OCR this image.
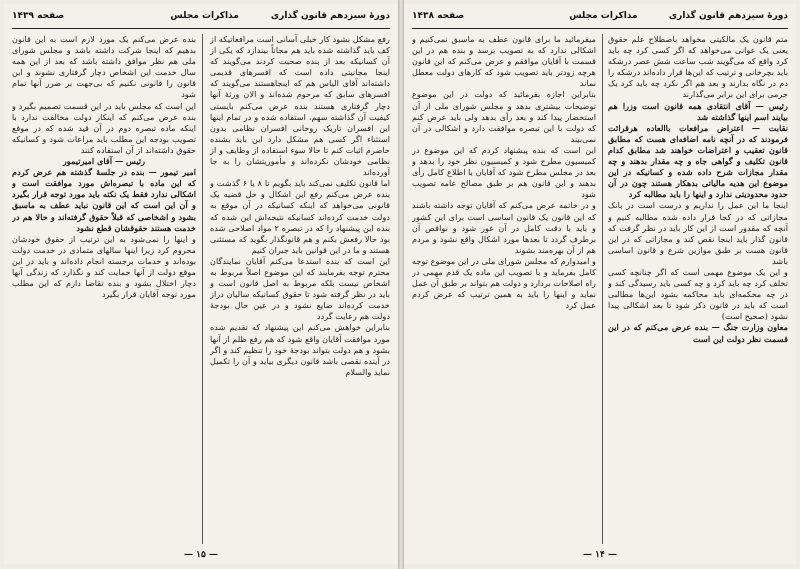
دورهٔ سیزدهم قانون گذاری
مذاکرات مجلس
صفحه ۱۴۳۹

رفع مشکل بشود کار خیلی آسانی است مرافعاتیکه از کف باید گذاشته شده باید هم مجاناً بیندازد که یکی از آن کسانیکه بعد از بنده صحبت کردند می‌گویند که اینجا مجانیتی داده است که افسرهای قدیمی داشته‌اند آقای الیاس هم که اینجاهستند می‌گویند که افسرهای سابق که مرحوم شده‌اند و الان ورثهٔ آنها دچار گرفتاری هستند بنده عرض می‌کنم بایستی کیفیت آن گذاشته سهم، استفاده شده و در تمام اینها این افسران تاریک روحانی افسران نظامی بدون استثناء اگر کسی هم مشکل دارد این باید بشنده حاضرم اثبات کنم تا حالا سوء استفاده از وظایف و از نظامی خودشان نکرده‌اند و مأموریتشان را به جا آورده‌اند

اما قانون تکلیف نمی‌کند باید بگویم تا ۸ یا ۶ گذشت و بنده عرض می‌کنم رفع این اشکال و حل قضیه یک قانونی می‌خواهد که اینکه کسانیکه در آن موقع به دولت خدمت کرده‌اند کسانیکه نتیجه‌اش این شده که بنده این پیشنهاد را که در تبصره ۲ مواد اصلاحی شده بود حالا رفعش بکنم و هم قانونگذار بگوید که مستثنی هستند و ما در این قوانین باید جبران کنیم

این است که بنده استدعا می‌کنم آقایان نمایندگان محترم توجه بفرمایند که این موضوع اصلاً مربوط به اشخاص نیست بلکه مربوط به اصل قانون است و باید در نظر گرفته شود تا حقوق کسانیکه سالیان دراز خدمت کرده‌اند ضایع نشود و در عین حال بودجهٔ دولت هم رعایت گردد

بنابراین خواهش می‌کنم این پیشنهاد که تقدیم شده مورد موافقت آقایان واقع شود که هم رفع ظلم از آنها بشود و هم دولت بتواند بودجهٔ خود را تنظیم کند و اگر در آینده نقصی باشد قانون دیگری بیاید و آن را تکمیل نماید والسلام

بنده عرض می‌کنم یک مورد لازم است به این قانون بدهیم که اینجا شرکت داشته باشد و مجلس شورای ملی هم نظر موافق داشته باشد که بعد از این همه سال خدمت این اشخاص دچار گرفتاری نشوند و این قانون را قانونی نکنیم که بی‌جهت بر ضرر آنها تمام شود

این است که مجلس باید در این قسمت تصمیم بگیرد و بنده عرض می‌کنم که اینکار دولت مخالفت ندارد با اینکه ماده تبصره دوم در آن قید شده که در موقع تصویب بودجه این مطلب باید مراعات شود و کسانیکه حقوق داشته‌اند از آن استفاده کنند

رئیس — آقای امیرتیمور

امیر تیمور — بنده در جلسهٔ گذشته هم عرض کردم که این ماده با تبصره‌اش مورد موافقت است و اشکالی ندارد فقط یک نکته باید مورد توجه قرار بگیرد و آن این است که این قانون نباید عطف به ماسبق بشود و اشخاصی که قبلاً حقوق گرفته‌اند و حالا هم در خدمت هستند حقوقشان قطع نشود

و اینها را نمی‌شود به این ترتیب از حقوق خودشان محروم کرد زیرا اینها سالهای متمادی در خدمت دولت بوده‌اند و خدمات برجسته انجام داده‌اند و باید در این موقع دولت از آنها حمایت کند و نگذارد که زندگی آنها دچار اختلال بشود و بنده تقاضا دارم که این مطلب مورد توجه آقایان قرار بگیرد

— ۱۵ —
دورهٔ سیزدهم قانون گذاری
مذاکرات مجلس
صفحه ۱۴۳۸

متم قانون یک مالکیتی مخواهد باصطلاح علم حقوق یعنی یک عوانی می‌خواهد که اگر کسی کرد چه باید کرد واقع که می‌گویند شب ساعت شش عصر درشکه باید بچرخانی و ترتیب که این‌ها قرار داده‌اند درشکه را دم در نگاه بدارند و بعد هم اگر نکرد چه باید کرد یک جرمی برای این برابر می‌گذارند

رئیس — آقای انتقادی همه قانون است وزرا هم بیایند اسم اینها گذاشته شد

نقابت — اعتراض مرافعات باالعاده هرقرائت فرمودند که در آنچه نامه اضافه‌ای هست که مطابق قانون تعقیب و اعتراضات خواهند شد مطابق کدام قانون تکلیف و گواهی جاه و چه مقدار بدهند و چه مقدار مجازات شرح داده شده و کسانیکه در این موضوع این هدیه مالیاتی بدهکار هستند چون در آن حدود محدودیتی ندارد و اینها را باید مطالبه کرد

اینجا ما این عمل را نداریم و درست است در بانک مجازاتی که در کجا قرار داده شده مطالبه کنیم و آنچه که مقدور است از این کار باید در نظر گرفت که قانون گذار باید اینجا نقص کند و مجازاتی که در این قانون هست بر طبق موازین شرع و قانون اساسی باشد

و این یک موضوع مهمی است که اگر چنانچه کسی تخلف کرد چه باید کرد و چه کسی باید رسیدگی کند و در چه محکمه‌ای باید محاکمه بشود این‌ها مطالبی است که باید در قانون ذکر شود تا بعد اشکالی پیدا نشود (صحیح است)

معاون وزارت جنگ — بنده عرض می‌کنم که در این قسمت نظر دولت این است

میفرمائید ما برای قانون عطف به ماسبق نمی‌کنیم و اشکالی ندارد که به تصویب برسد و بنده هم در این قسمت با آقایان موافقم و عرض می‌کنم که این قانون هرچه زودتر باید تصویب شود که کارهای دولت معطل نماند

بنابراین اجازه بفرمائید که دولت در این موضوع توضیحات بیشتری بدهد و مجلس شورای ملی از آن استحضار پیدا کند و بعد رأی بدهد ولی باید عرض کنم که دولت با این تبصره موافقت دارد و اشکالی در آن نمی‌بیند

این است که بنده پیشنهاد کردم که این موضوع در کمیسیون مطرح شود و کمیسیون نظر خود را بدهد و بعد در مجلس مطرح شود که آقایان با اطلاع کامل رأی بدهند و این قانون هم بر طبق مصالح عامه تصویب شود

و در خاتمه عرض می‌کنم که آقایان توجه داشته باشند که این قانون یک قانون اساسی است برای این کشور و باید با دقت کامل در آن غور شود و نواقص آن برطرف گردد تا بعدها مورد اشکال واقع نشود و مردم هم از آن بهره‌مند بشوند

و امیدوارم که مجلس شورای ملی در این موضوع توجه کامل بفرماید و با تصویب این ماده یک قدم مهمی در راه اصلاحات بردارد و دولت هم بتواند بر طبق آن عمل نماید و اینها را باید به همین ترتیب که عرض کردم عمل کرد

— ۱۴ —
